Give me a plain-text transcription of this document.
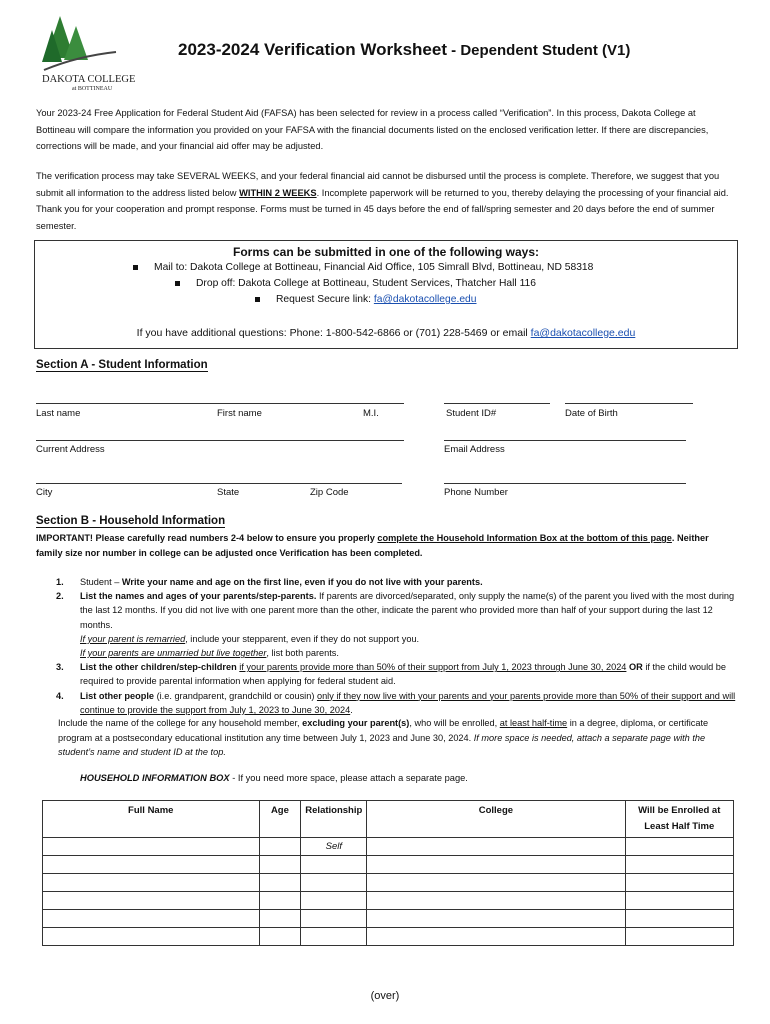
DAKOTA COLLEGE
at BOTTINEAU
2023-2024 Verification Worksheet - Dependent Student (V1)
Your 2023-24 Free Application for Federal Student Aid (FAFSA) has been selected for review in a process called “Verification”. In this process, Dakota College at Bottineau will compare the information you provided on your FAFSA with the financial documents listed on the enclosed verification letter. If there are discrepancies, corrections will be made, and your financial aid offer may be adjusted.
The verification process may take SEVERAL WEEKS, and your federal financial aid cannot be disbursed until the process is complete. Therefore, we suggest that you submit all information to the address listed below WITHIN 2 WEEKS. Incomplete paperwork will be returned to you, thereby delaying the processing of your financial aid. Thank you for your cooperation and prompt response. Forms must be turned in 45 days before the end of fall/spring semester and 20 days before the end of summer semester.
Forms can be submitted in one of the following ways:
Mail to: Dakota College at Bottineau, Financial Aid Office, 105 Simrall Blvd, Bottineau, ND 58318
Drop off: Dakota College at Bottineau, Student Services, Thatcher Hall 116
Request Secure link: fa@dakotacollege.edu
If you have additional questions: Phone: 1-800-542-6866 or (701) 228-5469 or email fa@dakotacollege.edu
Section A - Student Information
Last name	First name	M.I.	Student ID#	Date of Birth
Current Address	Email Address
City	State	Zip Code	Phone Number
Section B - Household Information
IMPORTANT! Please carefully read numbers 2-4 below to ensure you properly complete the Household Information Box at the bottom of this page. Neither family size nor number in college can be adjusted once Verification has been completed.
1. Student – Write your name and age on the first line, even if you do not live with your parents.
2. List the names and ages of your parents/step-parents. If parents are divorced/separated, only supply the name(s) of the parent you lived with the most during the last 12 months. If you did not live with one parent more than the other, indicate the parent who provided more than half of your support during the last 12 months.
If your parent is remarried, include your stepparent, even if they do not support you.
If your parents are unmarried but live together, list both parents.
3. List the other children/step-children if your parents provide more than 50% of their support from July 1, 2023 through June 30, 2024 OR if the child would be required to provide parental information when applying for federal student aid.
4. List other people (i.e. grandparent, grandchild or cousin) only if they now live with your parents and your parents provide more than 50% of their support and will continue to provide the support from July 1, 2023 to June 30, 2024.
Include the name of the college for any household member, excluding your parent(s), who will be enrolled, at least half-time in a degree, diploma, or certificate program at a postsecondary educational institution any time between July 1, 2023 and June 30, 2024. If more space is needed, attach a separate page with the student’s name and student ID at the top.
HOUSEHOLD INFORMATION BOX - If you need more space, please attach a separate page.
Full Name	Age	Relationship	College	Will be Enrolled at Least Half Time
		Self		

(over)
